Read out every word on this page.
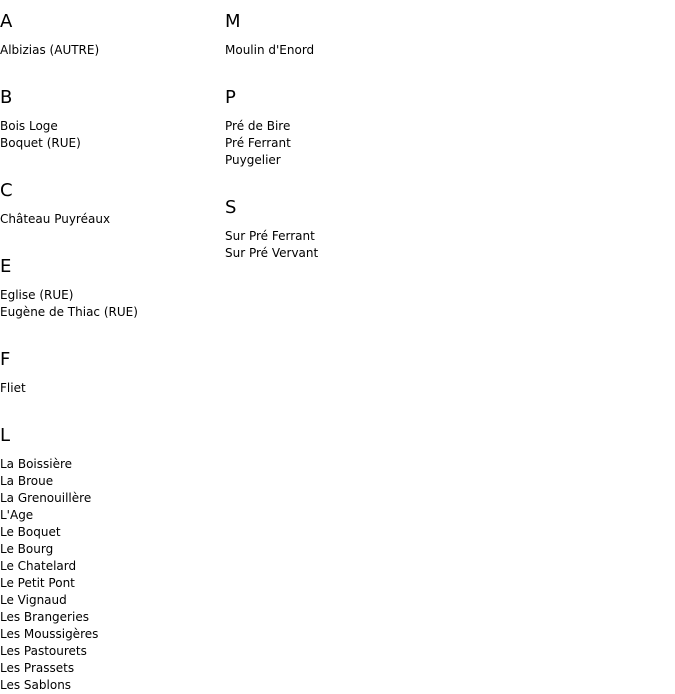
A
Albizias (AUTRE)
B
Bois Loge
Boquet (RUE)
C
Château Puyréaux
E
Eglise (RUE)
Eugène de Thiac (RUE)
F
Fliet
L
La Boissière
La Broue
La Grenouillère
L'Age
Le Boquet
Le Bourg
Le Chatelard
Le Petit Pont
Le Vignaud
Les Brangeries
Les Moussigères
Les Pastourets
Les Prassets
Les Sablons
M
Moulin d'Enord
P
Pré de Bire
Pré Ferrant
Puygelier
S
Sur Pré Ferrant
Sur Pré Vervant
